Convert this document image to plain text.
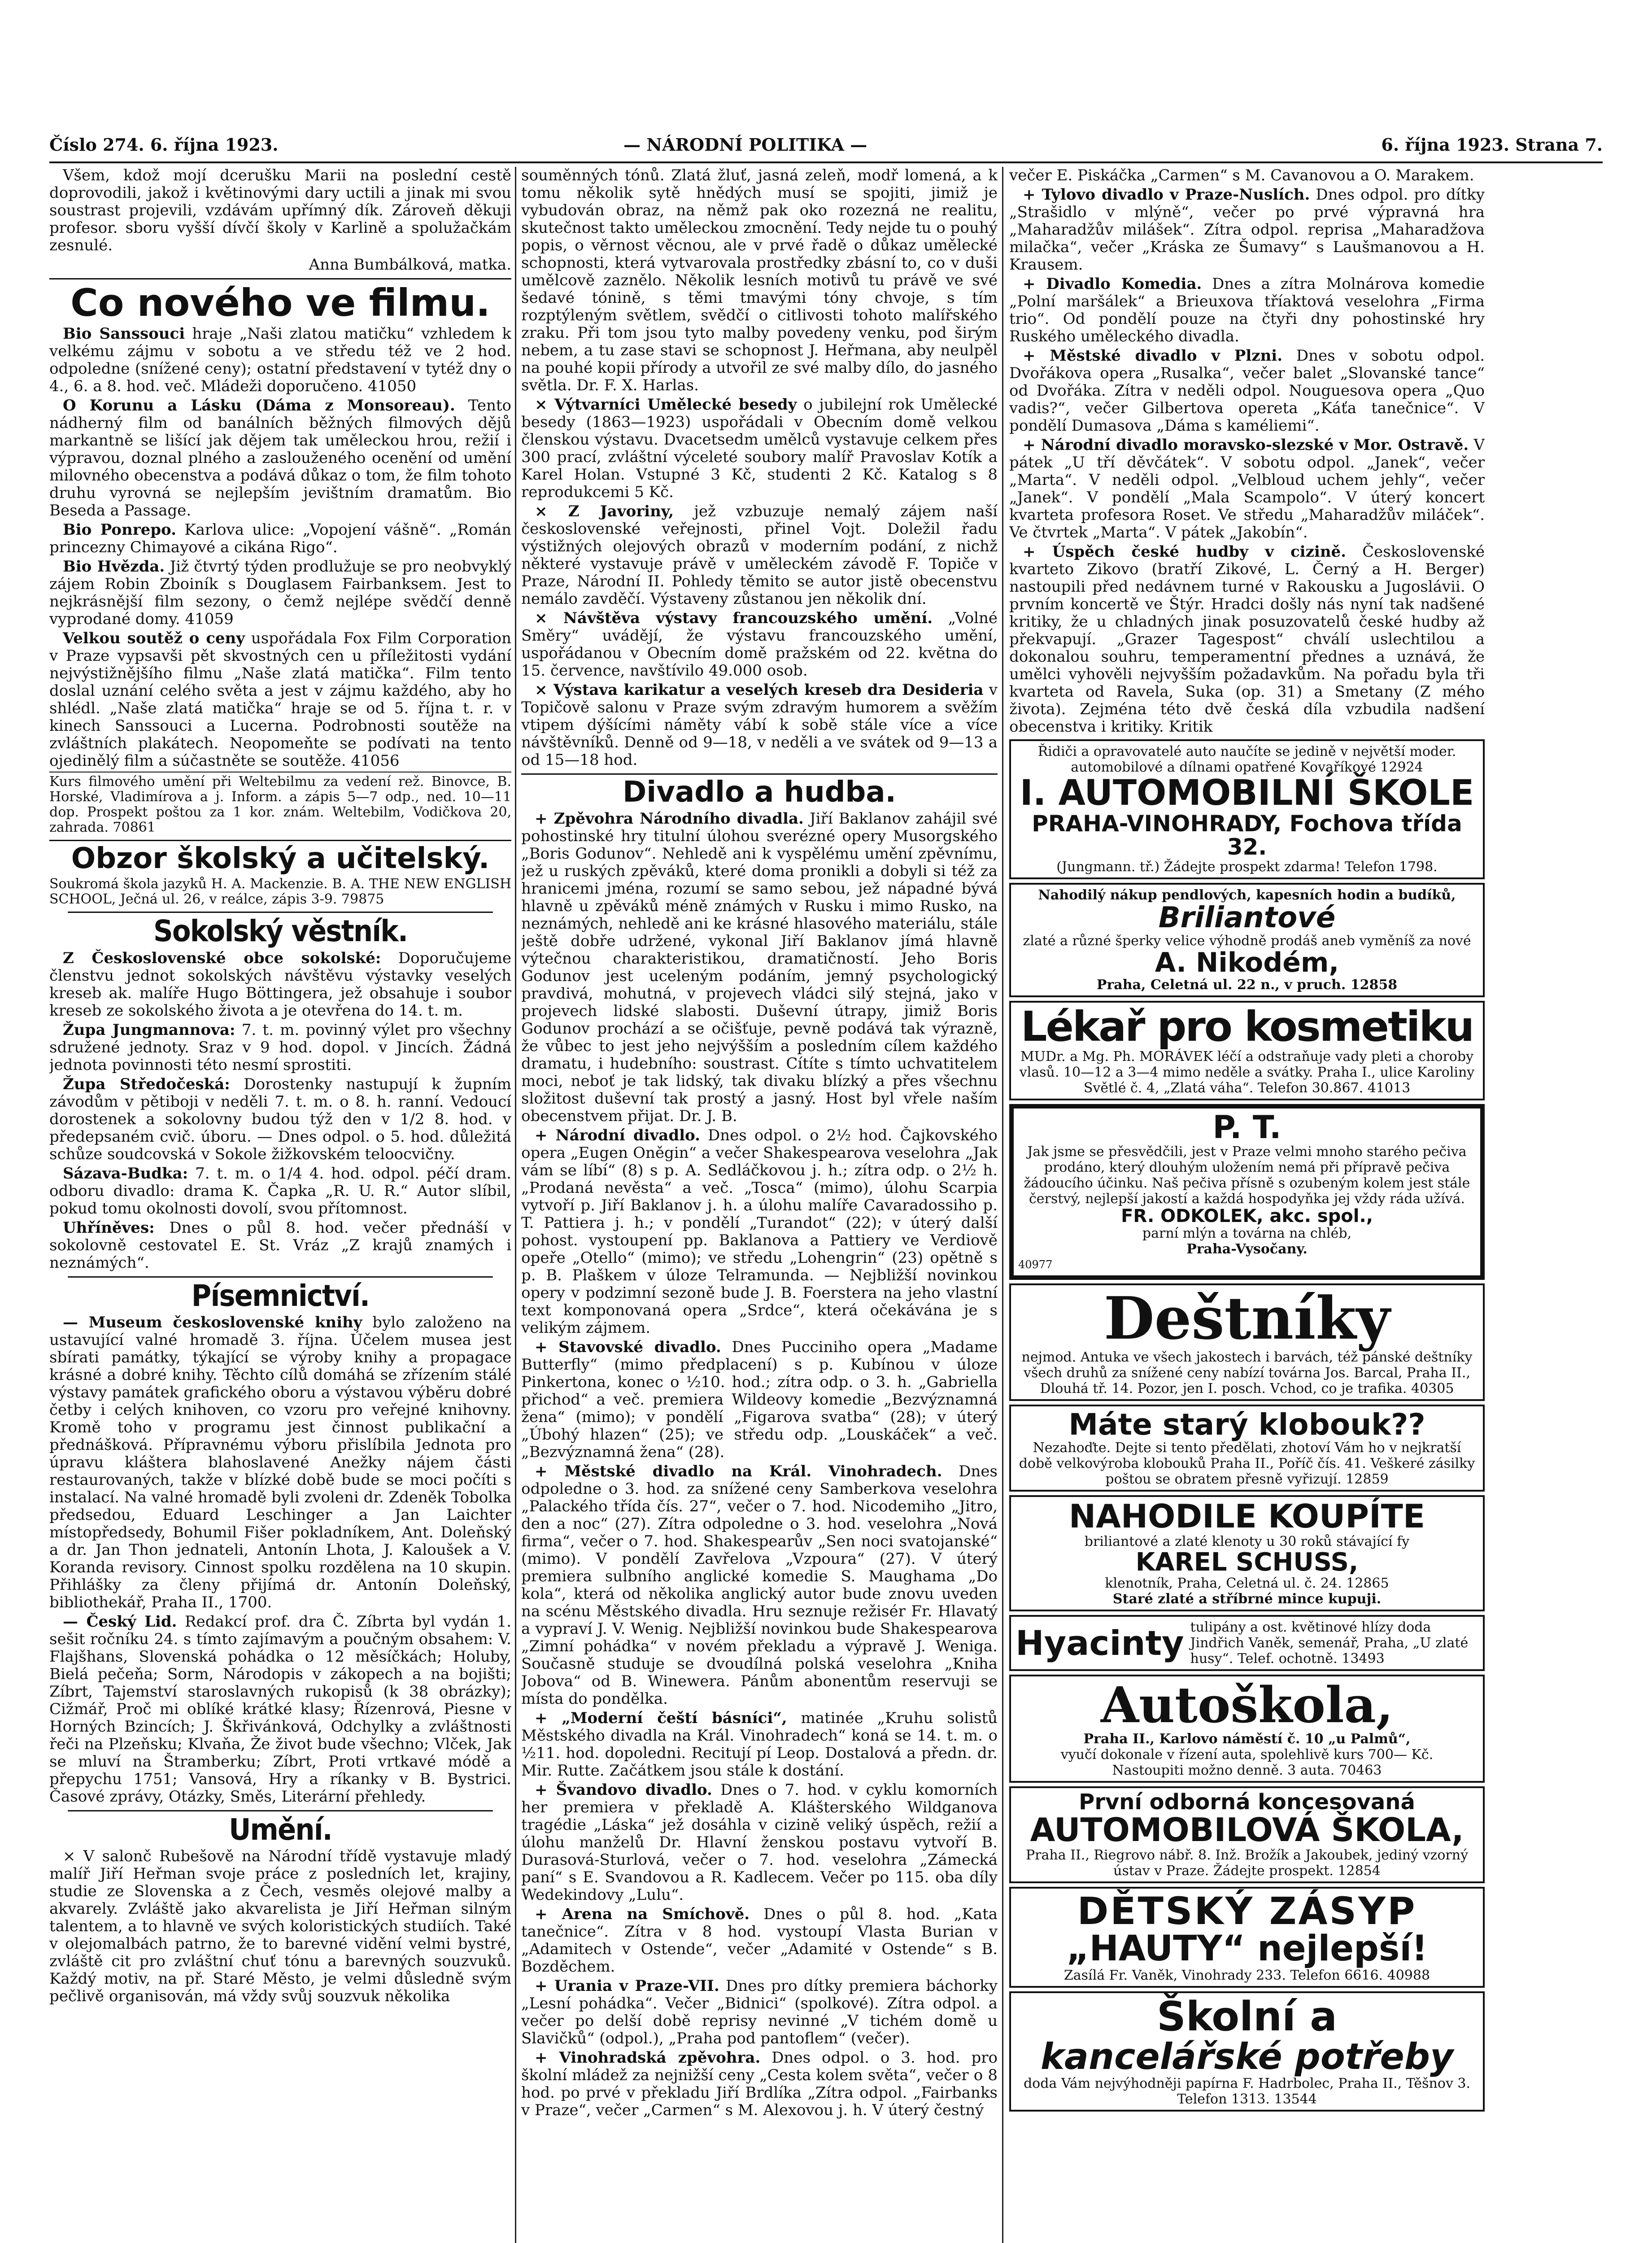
Číslo 274. 6. října 1923.	— NÁRODNÍ POLITIKA —	6. října 1923. Strana 7.

Všem, kdož mojí dcerušku Marii na poslední cestě doprovodili, jakož i květinovými dary uctili a jinak mi svou soustrast projevili, vzdávám upřímný dík. Zároveň děkuji profesor. sboru vyšší dívčí školy v Karlině a spolužačkám zesnulé.

Anna Bumbálková, matka.

Co nového ve filmu.

Bio Sanssouci hraje „Naši zlatou matičku“ vzhledem k velkému zájmu v sobotu a ve středu též ve 2 hod. odpoledne (snížené ceny); ostatní představení v tytéž dny o 4., 6. a 8. hod. več. Mládeži doporučeno. 41050

O Korunu a Lásku (Dáma z Monsoreau). Tento nádherný film od banálních běžných filmových dějů markantně se lišící jak dějem tak uměleckou hrou, režií i výpravou, doznal plného a zaslouženého ocenění od umění milovného obecenstva a podává důkaz o tom, že film tohoto druhu vyrovná se nejlepším jevištním dramatům. Bio Beseda a Passage.

Bio Ponrepo. Karlova ulice: „Vopojení vášně“. „Román princezny Chimayové a cikána Rigo“.

Bio Hvězda. Již čtvrtý týden prodlužuje se pro neobvyklý zájem Robin Zboiník s Douglasem Fairbanksem. Jest to nejkrásnější film sezony, o čemž nejlépe svědčí denně vyprodané domy. 41059

Velkou soutěž o ceny uspořádala Fox Film Corporation v Praze vypsavši pět skvostných cen u příležitosti vydání nejvýstižnějšího filmu „Naše zlatá matička“. Film tento doslal uznání celého světa a jest v zájmu každého, aby ho shlédl. „Naše zlatá matička“ hraje se od 5. října t. r. v kinech Sanssouci a Lucerna. Podrobnosti soutěže na zvláštních plakátech. Neopomeňte se podívati na tento ojedinělý film a súčastněte se soutěže. 41056

Kurs filmového umění při Weltebilmu za vedení rež. Binovce, B. Horské, Vladimírova a j. Inform. a zápis 5—7 odp., ned. 10—11 dop. Prospekt poštou za 1 kor. znám. Weltebilm, Vodičkova 20, zahrada. 70861

Obzor školský a učitelský.

Soukromá škola jazyků H. A. Mackenzie. B. A. THE NEW ENGLISH SCHOOL, Ječná ul. 26, v reálce, zápis 3-9. 79875

Sokolský věstník.

Z Československé obce sokolské: Doporučujeme členstvu jednot sokolských návštěvu výstavky veselých kreseb ak. malíře Hugo Böttingera, jež obsahuje i soubor kreseb ze sokolského života a je otevřena do 14. t. m.

Župa Jungmannova: 7. t. m. povinný výlet pro všechny sdružené jednoty. Sraz v 9 hod. dopol. v Jincích. Žádná jednota povinnosti této nesmí sprostiti.

Župa Středočeská: Dorostenky nastupují k župním závodům v pětiboji v neděli 7. t. m. o 8. h. ranní. Vedoucí dorostenek a sokolovny budou týž den v 1/2 8. hod. v předepsaném cvič. úboru. — Dnes odpol. o 5. hod. důležitá schůze soudcovská v Sokole žižkovském teloocvičny.

Sázava-Budka: 7. t. m. o 1/4 4. hod. odpol. péčí dram. odboru divadlo: drama K. Čapka „R. U. R.“ Autor slíbil, pokud tomu okolnosti dovolí, svou přítomnost.

Uhříněves: Dnes o půl 8. hod. večer přednáší v sokolovně cestovatel E. St. Vráz „Z krajů znamých i neznámých“.

Písemnictví.

— Museum československé knihy bylo založeno na ustavující valné hromadě 3. října. Účelem musea jest sbírati památky, týkající se výroby knihy a propagace krásné a dobré knihy. Těchto cílů domáhá se zřízením stálé výstavy památek grafického oboru a výstavou výběru dobré četby i celých knihoven, co vzoru pro veřejné knihovny. Kromě toho v programu jest činnost publikační a přednášková. Přípravnému výboru přislíbila Jednota pro úpravu kláštera blahoslavené Anežky nájem části restaurovaných, takže v blízké době bude se moci počíti s instalací. Na valné hromadě byli zvoleni dr. Zdeněk Tobolka předsedou, Eduard Leschinger a Jan Laichter místopředsedy, Bohumil Fišer pokladníkem, Ant. Doleňský a dr. Jan Thon jednateli, Antonín Lhota, J. Kaloušek a V. Koranda revisory. Cinnost spolku rozdělena na 10 skupin. Přihlášky za členy přijímá dr. Antonín Doleňský, bibliothekář, Praha II., 1700.

— Český Lid. Redakcí prof. dra Č. Zíbrta byl vydán 1. sešit ročníku 24. s tímto zajímavým a poučným obsahem: V. Flajšhans, Slovenská pohádka o 12 měsíčkách; Holuby, Bielá pečeňa; Sorm, Národopis v zákopech a na bojišti; Zíbrt, Tajemství staroslavných rukopisů (k 38 obrázky); Cižmář, Proč mi oblíké krátké klasy; Řízenrová, Piesne v Horných Bzincích; J. Škřivánková, Odchylky a zvláštnosti řeči na Plzeňsku; Klvaňa, Že život bude všechno; Vlček, Jak se mluví na Štramberku; Zíbrt, Proti vrtkavé módě a přepychu 1751; Vansová, Hry a ríkanky v B. Bystrici. Časové zprávy, Otázky, Směs, Literární přehledy.

Umění.

× V salonč Rubešově na Národní třídě vystavuje mladý malíř Jiří Heřman svoje práce z posledních let, krajiny, studie ze Slovenska a z Čech, vesměs olejové malby a akvarely. Zvláště jako akvarelista je Jiří Heřman silným talentem, a to hlavně ve svých koloristických studiích. Také v olejomalbách patrno, že to barevné vidění velmi bystré, zvláště cit pro zvláštní chuť tónu a barevných souzvuků. Každý motiv, na př. Staré Město, je velmi důsledně svým pečlivě organisován, má vždy svůj souzvuk několika

souměnných tónů. Zlatá žluť, jasná zeleň, modř lomená, a k tomu několik sytě hnědých musí se spojiti, jimiž je vybudován obraz, na němž pak oko rozezná ne realitu, skutečnost takto uměleckou zmocnění. Tedy nejde tu o pouhý popis, o věrnost věcnou, ale v prvé řadě o důkaz umělecké schopnosti, která vytvarovala prostředky zbásní to, co v duši umělcově zaznělo. Několik lesních motivů tu právě ve své šedavé tónině, s těmi tmavými tóny chvoje, s tím rozptýleným světlem, svědčí o citlivosti tohoto malířského zraku. Při tom jsou tyto malby povedeny venku, pod širým nebem, a tu zase stavi se schopnost J. Heřmana, aby neulpěl na pouhé kopii přírody a utvořil ze své malby dílo, do jasného světla. Dr. F. X. Harlas.

× Výtvarníci Umělecké besedy o jubilejní rok Umělecké besedy (1863—1923) uspořádali v Obecním domě velkou členskou výstavu. Dvacetsedm umělců vystavuje celkem přes 300 prací, zvláštní výceleté soubory malíř Pravoslav Kotík a Karel Holan. Vstupné 3 Kč, studenti 2 Kč. Katalog s 8 reprodukcemi 5 Kč.

× Z Javoriny, jež vzbuzuje nemalý zájem naší československé veřejnosti, přinel Vojt. Doležil řadu výstižných olejových obrazů v moderním podání, z nichž některé vystavuje právě v uměleckém závodě F. Topiče v Praze, Národní II. Pohledy těmito se autor jistě obecenstvu nemálo zavděčí. Výstaveny zůstanou jen několik dní.

× Návštěva výstavy francouzského umění. „Volné Směry“ uvádějí, že výstavu francouzského umění, uspořádanou v Obecním domě pražském od 22. května do 15. července, navštívilo 49.000 osob.

× Výstava karikatur a veselých kreseb dra Desideria v Topičově salonu v Praze svým zdravým humorem a svěžím vtipem dýšícími náměty vábí k sobě stále více a více návštěvníků. Denně od 9—18, v neděli a ve svátek od 9—13 a od 15—18 hod.

Divadlo a hudba.

+ Zpěvohra Národního divadla. Jiří Baklanov zahájil své pohostinské hry titulní úlohou sverézné opery Musorgského „Boris Godunov“. Nehledě ani k vyspělému umění zpěvnímu, jež u ruských zpěváků, které doma pronikli a dobyli si též za hranicemi jména, rozumí se samo sebou, jež nápadné bývá hlavně u zpěváků méně známých v Rusku i mimo Rusko, na neznámých, nehledě ani ke krásné hlasového materiálu, stále ještě dobře udržené, vykonal Jiří Baklanov jímá hlavně výtečnou charakteristikou, dramatičností. Jeho Boris Godunov jest uceleným podáním, jemný psychologický pravdivá, mohutná, v projevech vládci silý stejná, jako v projevech lidské slabosti. Duševní útrapy, jimiž Boris Godunov prochází a se očišťuje, pevně podává tak výrazně, že vůbec to jest jeho nejvýšším a posledním cílem každého dramatu, i hudebního: soustrast. Cítíte s tímto uchvatitelem moci, neboť je tak lidský, tak divaku blízký a přes všechnu složitost duševní tak prostý a jasný. Host byl vřele naším obecenstvem přijat. Dr. J. B.

+ Národní divadlo. Dnes odpol. o 2½ hod. Čajkovského opera „Eugen Oněgin“ a večer Shakespearova veselohra „Jak vám se líbí“ (8) s p. A. Sedláčkovou j. h.; zítra odp. o 2½ h. „Prodaná nevěsta“ a več. „Tosca“ (mimo), úlohu Scarpia vytvoří p. Jiří Baklanov j. h. a úlohu malíře Cavaradossiho p. T. Pattiera j. h.; v pondělí „Turandot“ (22); v úterý další pohost. vystoupení pp. Baklanova a Pattiery ve Verdiově opeře „Otello“ (mimo); ve středu „Lohengrin“ (23) opětně s p. B. Plaškem v úloze Telramunda. — Nejbližší novinkou opery v podzimní sezoně bude J. B. Foerstera na jeho vlastní text komponovaná opera „Srdce“, která očekávána je s velikým zájmem.

+ Stavovské divadlo. Dnes Pucciniho opera „Madame Butterfly“ (mimo předplacení) s p. Kubínou v úloze Pinkertona, konec o ½10. hod.; zítra odp. o 3. h. „Gabriella přichod“ a več. premiera Wildeovy komedie „Bezvýznamná žena“ (mimo); v pondělí „Figarova svatba“ (28); v úterý „Úbohý hlazen“ (25); ve středu odp. „Louskáček“ a več. „Bezvýznamná žena“ (28).

+ Městské divadlo na Král. Vinohradech. Dnes odpoledne o 3. hod. za snížené ceny Samberkova veselohra „Palackého třída čís. 27“, večer o 7. hod. Nicodemiho „Jitro, den a noc“ (27). Zítra odpoledne o 3. hod. veselohra „Nová firma“, večer o 7. hod. Shakespearův „Sen noci svatojanské“ (mimo). V pondělí Zavřelova „Vzpoura“ (27). V úterý premiera sulbního anglické komedie S. Maughama „Do kola“, která od několika anglický autor bude znovu uveden na scénu Městského divadla. Hru seznuje režisér Fr. Hlavatý a vypraví J. V. Wenig. Nejbližší novinkou bude Shakespearova „Zimní pohádka“ v novém překladu a výpravě J. Weniga. Současně studuje se dvoudílná polská veselohra „Kniha Jobova“ od B. Winewera. Pánům abonentům reservuji se místa do pondělka.

+ „Moderní čeští básníci“, matinée „Kruhu solistů Městského divadla na Král. Vinohradech“ koná se 14. t. m. o ½11. hod. dopoledni. Recitují pí Leop. Dostalová a předn. dr. Mir. Rutte. Začátkem jsou stále k dostání.

+ Švandovo divadlo. Dnes o 7. hod. v cyklu komorních her premiera v překladě A. Klášterského Wildganova tragédie „Láska“ jež dosáhla v cizině veliký úspěch, režií a úlohu manželů Dr. Hlavní ženskou postavu vytvoří B. Durasová-Sturlová, večer o 7. hod. veselohra „Zámecká paní“ s E. Svandovou a R. Kadlecem. Večer po 115. oba díly Wedekindovy „Lulu“.

+ Arena na Smíchově. Dnes o půl 8. hod. „Kata tanečnice“. Zítra v 8 hod. vystoupí Vlasta Burian v „Adamitech v Ostende“, večer „Adamité v Ostende“ s B. Bozděchem.

+ Urania v Praze-VII. Dnes pro dítky premiera báchorky „Lesní pohádka“. Večer „Bidnici“ (spolkové). Zítra odpol. a večer po delší době reprisy nevinné „V tichém domě u Slavičků“ (odpol.), „Praha pod pantoflem“ (večer).

+ Vinohradská zpěvohra. Dnes odpol. o 3. hod. pro školní mládež za nejnižší ceny „Cesta kolem světa“, večer o 8 hod. po prvé v překladu Jiří Brdlíka „Zítra odpol. „Fairbanks v Praze“, večer „Carmen“ s M. Alexovou j. h. V úterý čestný

večer E. Piskáčka „Carmen“ s M. Cavanovou a O. Marakem.

+ Tylovo divadlo v Praze-Nuslích. Dnes odpol. pro dítky „Strašidlo v mlýně“, večer po prvé výpravná hra „Maharadžův milášek“. Zítra odpol. reprisa „Maharadžova milačka“, večer „Kráska ze Šumavy“ s Laušmanovou a H. Krausem.

+ Divadlo Komedia. Dnes a zítra Molnárova komedie „Polní maršálek“ a Brieuxova tříaktová veselohra „Firma trio“. Od pondělí pouze na čtyři dny pohostinské hry Ruského uměleckého divadla.

+ Městské divadlo v Plzni. Dnes v sobotu odpol. Dvořákova opera „Rusalka“, večer balet „Slovanské tance“ od Dvořáka. Zítra v neděli odpol. Nouguesova opera „Quo vadis?“, večer Gilbertova opereta „Káťa tanečnice“. V pondělí Dumasova „Dáma s kaméliemi“.

+ Národní divadlo moravsko-slezské v Mor. Ostravě. V pátek „U tří děvčátek“. V sobotu odpol. „Janek“, večer „Marta“. V neděli odpol. „Velbloud uchem jehly“, večer „Janek“. V pondělí „Mala Scampolo“. V úterý koncert kvarteta profesora Roset. Ve středu „Maharadžův miláček“. Ve čtvrtek „Marta“. V pátek „Jakobín“.

+ Úspěch české hudby v cizině. Československé kvarteto Zikovo (bratří Zikové, L. Černý a H. Berger) nastoupili před nedávnem turné v Rakousku a Jugoslávii. O prvním koncertě ve Štýr. Hradci došly nás nyní tak nadšené kritiky, že u chladných jinak posuzovatelů české hudby až překvapují. „Grazer Tagespost“ chválí uslechtilou a dokonalou souhru, temperamentní přednes a uznává, že umělci vyhověli nejvyšším požadavkům. Na pořadu byla tři kvarteta od Ravela, Suka (op. 31) a Smetany (Z mého života). Zejména této dvě česká díla vzbudila nadšení obecenstva i kritiky. Kritik

Řidiči a opravovatelé auto naučíte se jedině v největší moder. automobilové a dílnami opatřené Kovaříkové 12924
I. AUTOMOBILNÍ ŠKOLE
PRAHA-VINOHRADY, Fochova třída 32.
(Jungmann. tř.) Žádejte prospekt zdarma! Telefon 1798.
Nahodilý nákup pendlových, kapesních hodin a budíků,
Briliantové
zlaté a různé šperky velice výhodně prodáš aneb vyměníš za nové
A. Nikodém,
Praha, Celetná ul. 22 n., v pruch. 12858
Lékař pro kosmetiku
MUDr. a Mg. Ph. MORÁVEK léčí a odstraňuje vady pleti a choroby vlasů. 10—12 a 3—4 mimo neděle a svátky. Praha I., ulice Karoliny Světlé č. 4, „Zlatá váha“. Telefon 30.867. 41013
P. T.
Jak jsme se přesvědčili, jest v Praze velmi mnoho starého pečiva prodáno, který dlouhým uložením nemá při přípravě pečiva žádoucího účinku. Naš pečiva přísně s ozubeným kolem jest stále čerstvý, nejlepší jakostí a každá hospodyňka jej vždy ráda užívá.
FR. ODKOLEK, akc. spol.,
parní mlýn a továrna na chléb,
Praha-Vysočany.
40977
Deštníky
nejmod. Antuka ve všech jakostech i barvách, též pánské deštníky všech druhů za snížené ceny nabízí továrna Jos. Barcal, Praha II., Dlouhá tř. 14. Pozor, jen I. posch. Vchod, co je trafika. 40305
Máte starý klobouk??
Nezahoďte. Dejte si tento předělati, zhotoví Vám ho v nejkratší době velkovýroba klobouků Praha II., Poříč čís. 41. Veškeré zásilky poštou se obratem přesně vyřizují. 12859
NAHODILE KOUPÍTE
briliantové a zlaté klenoty u 30 roků stávající fy
KAREL SCHUSS,
klenotník, Praha, Celetná ul. č. 24. 12865
Staré zlaté a stříbrné mince kupuji.
Hyacinty tulipány a ost. květinové hlízy doda Jindřich Vaněk, semenář, Praha, „U zlaté husy“. Telef. ochotně. 13493
Autoškola,
Praha II., Karlovo náměstí č. 10 „u Palmů“,
vyučí dokonale v řízení auta, spolehlivě kurs 700— Kč.
Nastoupiti možno denně. 3 auta. 70463
První odborná koncesovaná
AUTOMOBILOVÁ ŠKOLA,
Praha II., Riegrovo nábř. 8. Inž. Brožík a Jakoubek, jediný vzorný ústav v Praze. Žádejte prospekt. 12854
DĚTSKÝ ZÁSYP
„HAUTY“ nejlepší!
Zasílá Fr. Vaněk, Vinohrady 233. Telefon 6616. 40988
Školní a
kancelářské potřeby
doda Vám nejvýhodněji papírna F. Hadrbolec, Praha II., Těšnov 3. Telefon 1313. 13544
